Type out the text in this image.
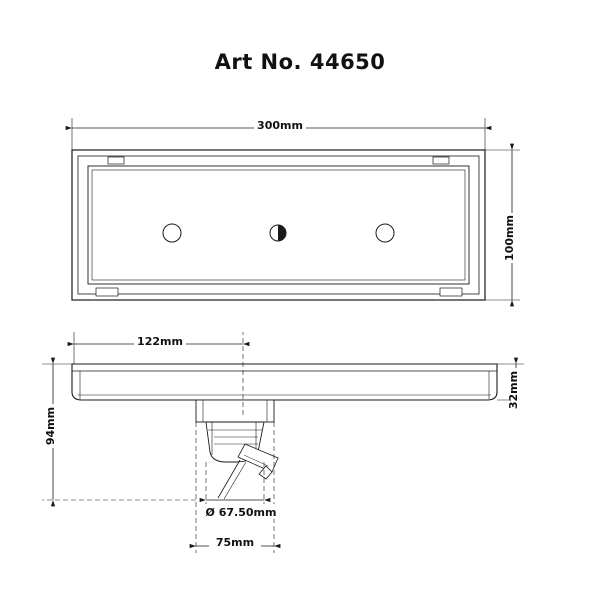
Art No. 44650
300mm
100mm
122mm
32mm
94mm
Ø 67.50mm
75mm
